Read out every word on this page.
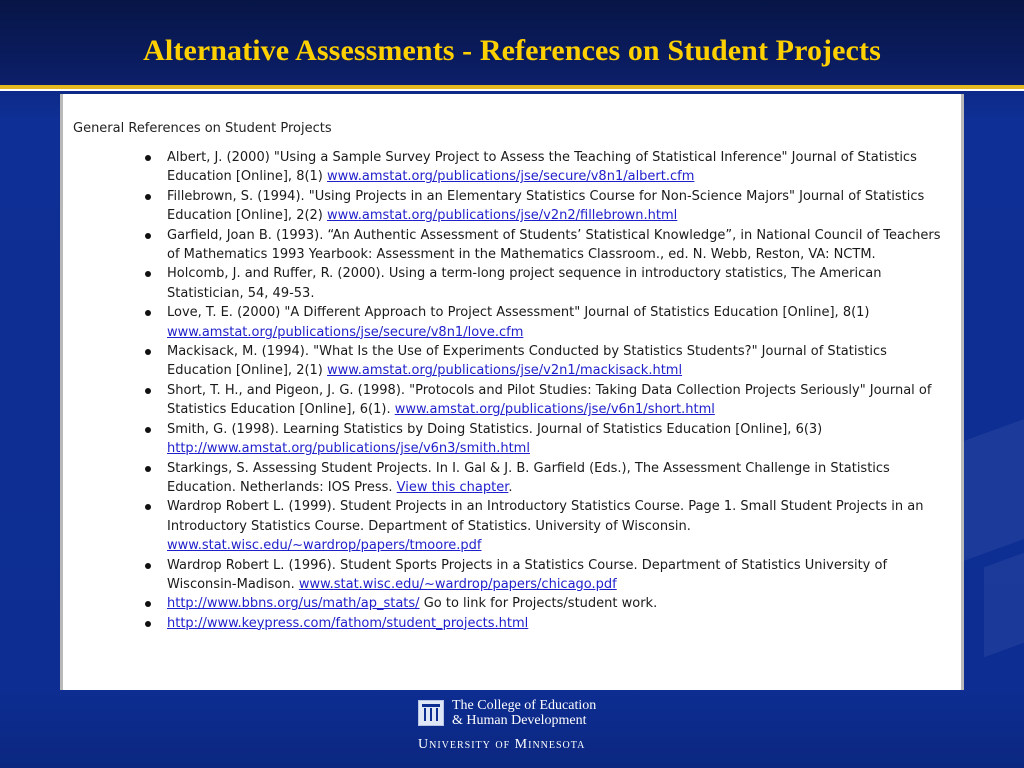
Alternative Assessments - References on Student Projects
General References on Student Projects
Albert, J. (2000) "Using a Sample Survey Project to Assess the Teaching of Statistical Inference" Journal of Statistics Education [Online], 8(1) www.amstat.org/publications/jse/secure/v8n1/albert.cfm
Fillebrown, S. (1994). "Using Projects in an Elementary Statistics Course for Non-Science Majors" Journal of Statistics Education [Online], 2(2) www.amstat.org/publications/jse/v2n2/fillebrown.html
Garfield, Joan B. (1993). “An Authentic Assessment of Students’ Statistical Knowledge”, in National Council of Teachers of Mathematics 1993 Yearbook: Assessment in the Mathematics Classroom., ed. N. Webb, Reston, VA: NCTM.
Holcomb, J. and Ruffer, R. (2000). Using a term-long project sequence in introductory statistics, The American Statistician, 54, 49-53.
Love, T. E. (2000) "A Different Approach to Project Assessment" Journal of Statistics Education [Online], 8(1) www.amstat.org/publications/jse/secure/v8n1/love.cfm
Mackisack, M. (1994). "What Is the Use of Experiments Conducted by Statistics Students?" Journal of Statistics Education [Online], 2(1) www.amstat.org/publications/jse/v2n1/mackisack.html
Short, T. H., and Pigeon, J. G. (1998). "Protocols and Pilot Studies: Taking Data Collection Projects Seriously" Journal of Statistics Education [Online], 6(1). www.amstat.org/publications/jse/v6n1/short.html
Smith, G. (1998). Learning Statistics by Doing Statistics. Journal of Statistics Education [Online], 6(3) http://www.amstat.org/publications/jse/v6n3/smith.html
Starkings, S. Assessing Student Projects. In I. Gal & J. B. Garfield (Eds.), The Assessment Challenge in Statistics Education. Netherlands: IOS Press. View this chapter.
Wardrop Robert L. (1999). Student Projects in an Introductory Statistics Course. Page 1. Small Student Projects in an Introductory Statistics Course. Department of Statistics. University of Wisconsin. www.stat.wisc.edu/~wardrop/papers/tmoore.pdf
Wardrop Robert L. (1996). Student Sports Projects in a Statistics Course. Department of Statistics University of Wisconsin-Madison. www.stat.wisc.edu/~wardrop/papers/chicago.pdf
http://www.bbns.org/us/math/ap_stats/ Go to link for Projects/student work.
http://www.keypress.com/fathom/student_projects.html
The College of Education
& Human Development
University of Minnesota
